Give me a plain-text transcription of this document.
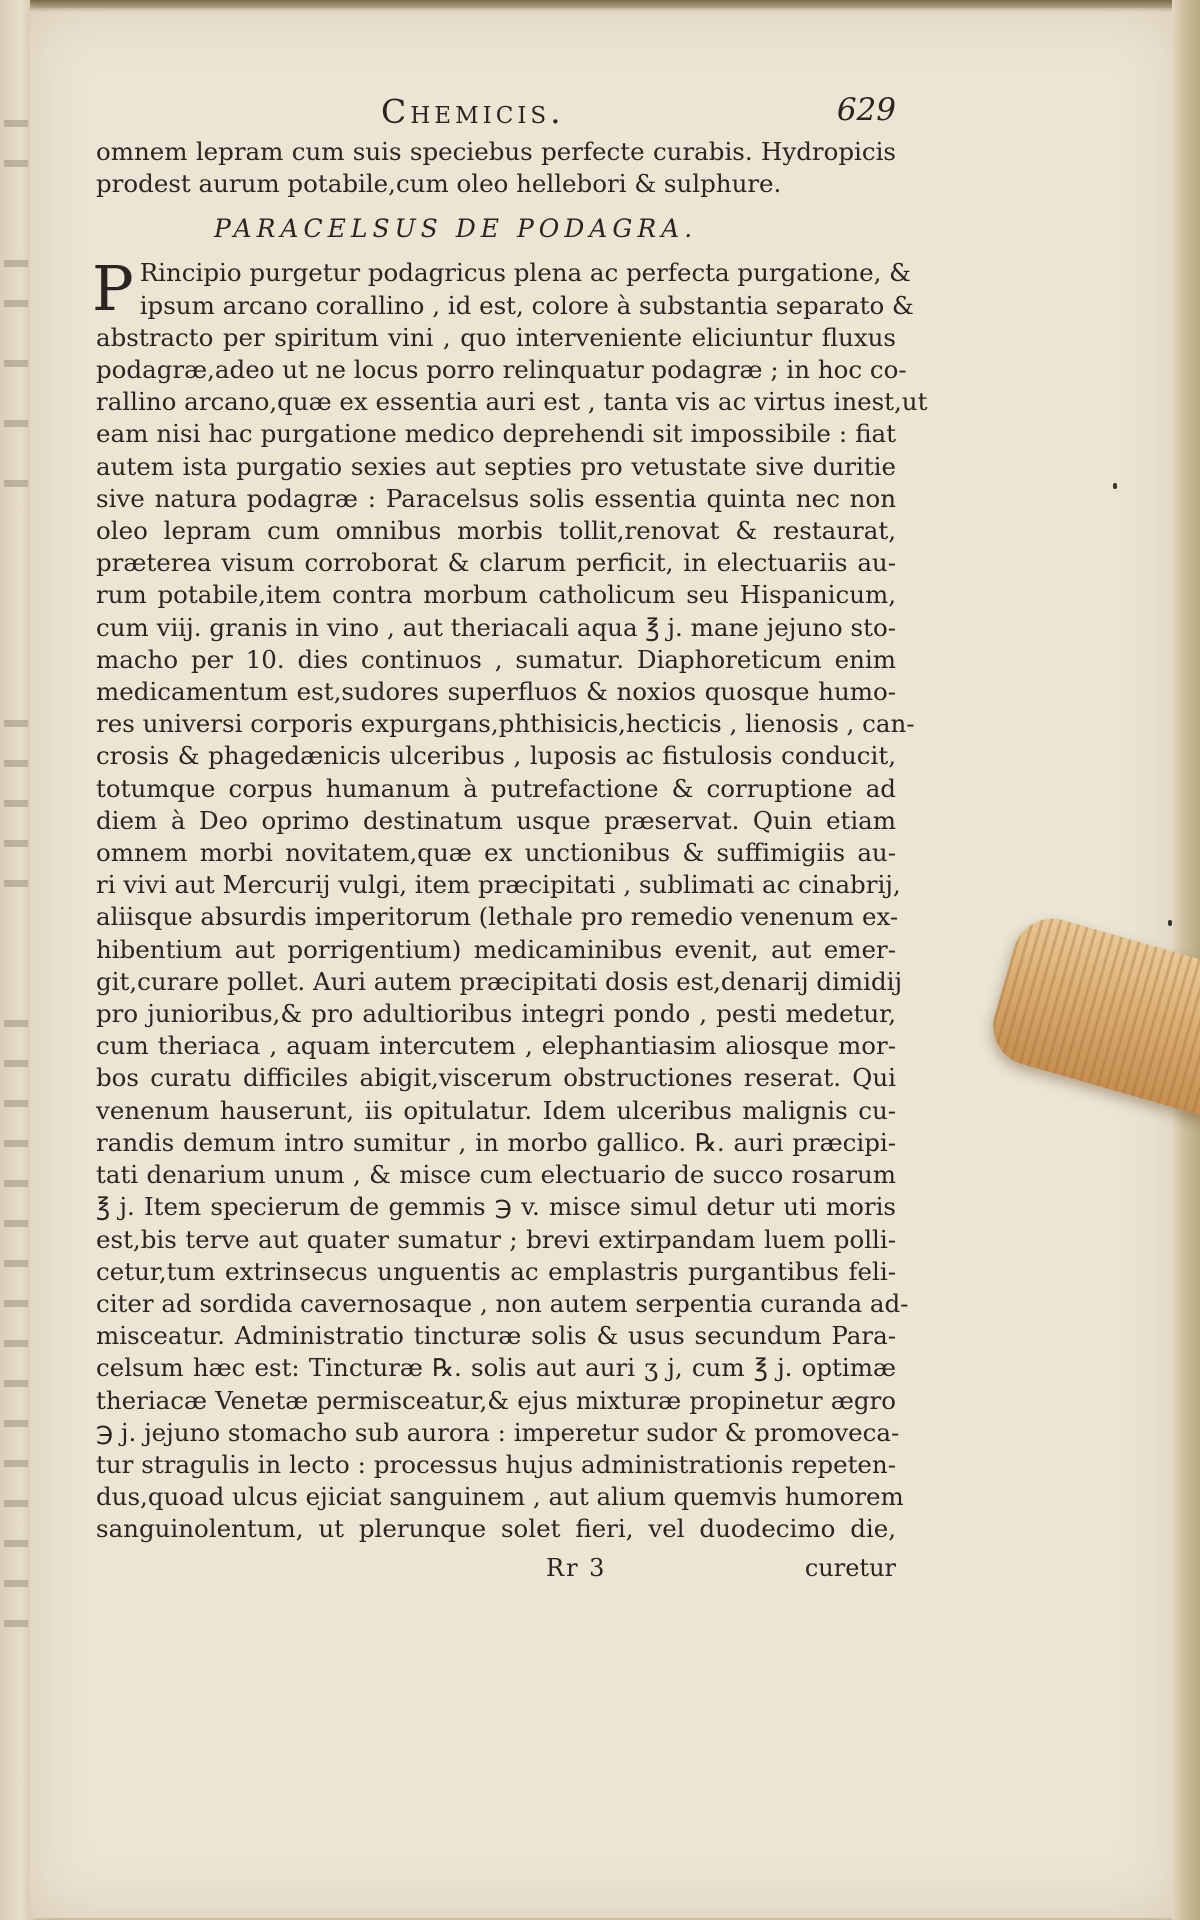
Chemicis.	629
omnem lepram cum suis speciebus perfecte curabis. Hydropicis
prodest aurum potabile,cum oleo hellebori & sulphure.
PARACELSUS DE PODAGRA.
P Rincipio purgetur podagricus plena ac perfecta purgatione, &
ipsum arcano corallino , id est, colore à substantia separato &
abstracto per spiritum vini , quo interveniente eliciuntur fluxus
podagræ,adeo ut ne locus porro relinquatur podagræ ; in hoc co-
rallino arcano,quæ ex essentia auri est , tanta vis ac virtus inest,ut
eam nisi hac purgatione medico deprehendi sit impossibile : fiat
autem ista purgatio sexies aut septies pro vetustate sive duritie
sive natura podagræ : Paracelsus solis essentia quinta nec non
oleo lepram cum omnibus morbis tollit,renovat & restaurat,
præterea visum corroborat & clarum perficit, in electuariis au-
rum potabile,item contra morbum catholicum seu Hispanicum,
cum viij. granis in vino , aut theriacali aqua ℥ j. mane jejuno sto-
macho per 10. dies continuos , sumatur. Diaphoreticum enim
medicamentum est,sudores superfluos & noxios quosque humo-
res universi corporis expurgans,phthisicis,hecticis , lienosis , can-
crosis & phagedænicis ulceribus , luposis ac fistulosis conducit,
totumque corpus humanum à putrefactione & corruptione ad
diem à Deo oprimo destinatum usque præservat. Quin etiam
omnem morbi novitatem,quæ ex unctionibus & suffimigiis au-
ri vivi aut Mercurij vulgi, item præcipitati , sublimati ac cinabrij,
aliisque absurdis imperitorum (lethale pro remedio venenum ex-
hibentium aut porrigentium) medicaminibus evenit, aut emer-
git,curare pollet. Auri autem præcipitati dosis est,denarij dimidij
pro junioribus,& pro adultioribus integri pondo , pesti medetur,
cum theriaca , aquam intercutem , elephantiasim aliosque mor-
bos curatu difficiles abigit,viscerum obstructiones reserat. Qui
venenum hauserunt, iis opitulatur. Idem ulceribus malignis cu-
randis demum intro sumitur , in morbo gallico. ℞. auri præcipi-
tati denarium unum , & misce cum electuario de succo rosarum
℥ j. Item specierum de gemmis ℈ v. misce simul detur uti moris
est,bis terve aut quater sumatur ; brevi extirpandam luem polli-
cetur,tum extrinsecus unguentis ac emplastris purgantibus feli-
citer ad sordida cavernosaque , non autem serpentia curanda ad-
misceatur. Administratio tincturæ solis & usus secundum Para-
celsum hæc est: Tincturæ ℞. solis aut auri ʒ j, cum ℥ j. optimæ
theriacæ Venetæ permisceatur,& ejus mixturæ propinetur ægro
℈ j. jejuno stomacho sub aurora : imperetur sudor & promoveca-
tur stragulis in lecto : processus hujus administrationis repeten-
dus,quoad ulcus ejiciat sanguinem , aut alium quemvis humorem
sanguinolentum, ut plerunque solet fieri, vel duodecimo die,
Rr 3	curetur
